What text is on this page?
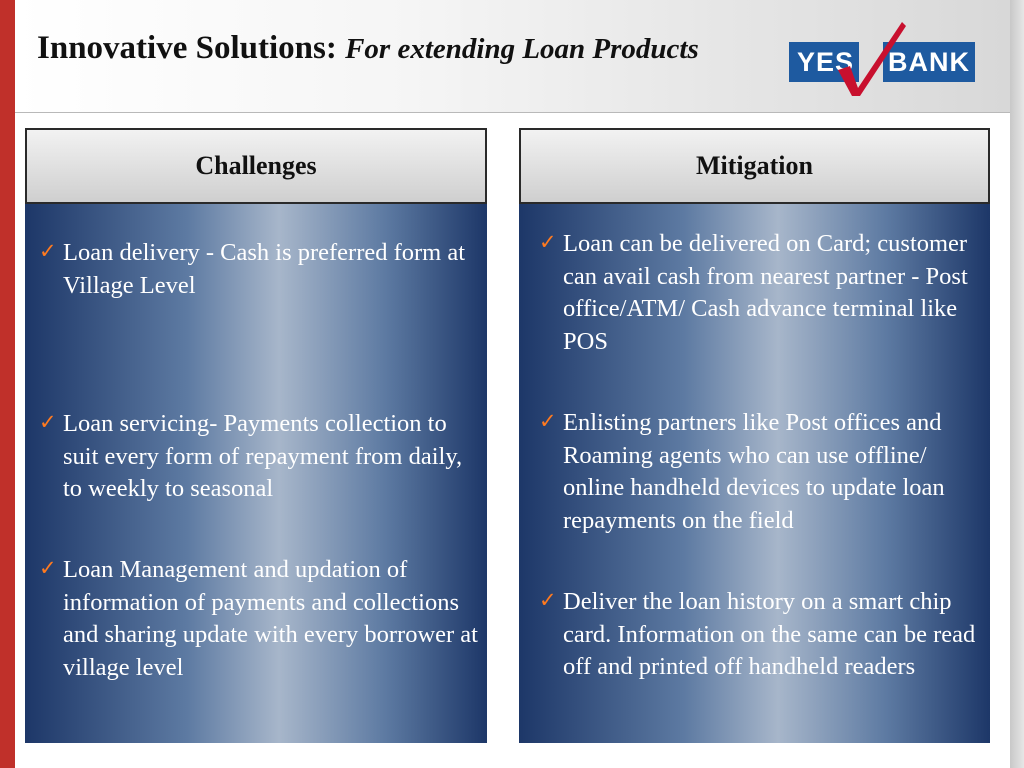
Innovative Solutions: For extending Loan Products	YES BANK
Challenges
✓ Loan delivery - Cash is preferred form at Village Level
✓ Loan servicing- Payments collection to suit every form of repayment from daily, to weekly to seasonal
✓ Loan Management and updation of information of payments and collections and sharing update with every borrower at village level
Mitigation
✓ Loan can be delivered on Card; customer can avail cash from nearest partner - Post office/ATM/ Cash advance terminal like POS
✓ Enlisting partners like Post offices and Roaming agents who can use offline/ online handheld devices to update loan repayments on the field
✓ Deliver the loan history on a smart chip card. Information on the same can be read off and printed off handheld readers
